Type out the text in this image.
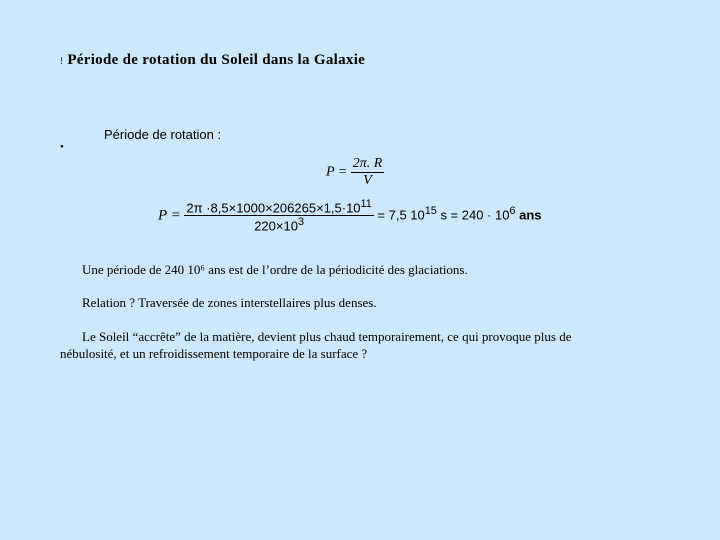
! Période de rotation du Soleil dans la Galaxie
Période de rotation :
•
$P = \frac{2\pi. R}{V}$
$P = \frac{2\pi \cdot 8,5\times 1000\times 206265\times 1,5\cdot 10^{11}}{220\times 10^3} = 7,5$ $10^{15}$ $s = 240 \cdot 10^6$ ans
Une période de 240 10⁶ ans est de l’ordre de la périodicité des glaciations.
Relation ? Traversée de zones interstellaires plus denses.
Le Soleil “accrête” de la matière, devient plus chaud temporairement, ce qui provoque plus de
nébulosité, et un refroidissement temporaire de la surface ?
